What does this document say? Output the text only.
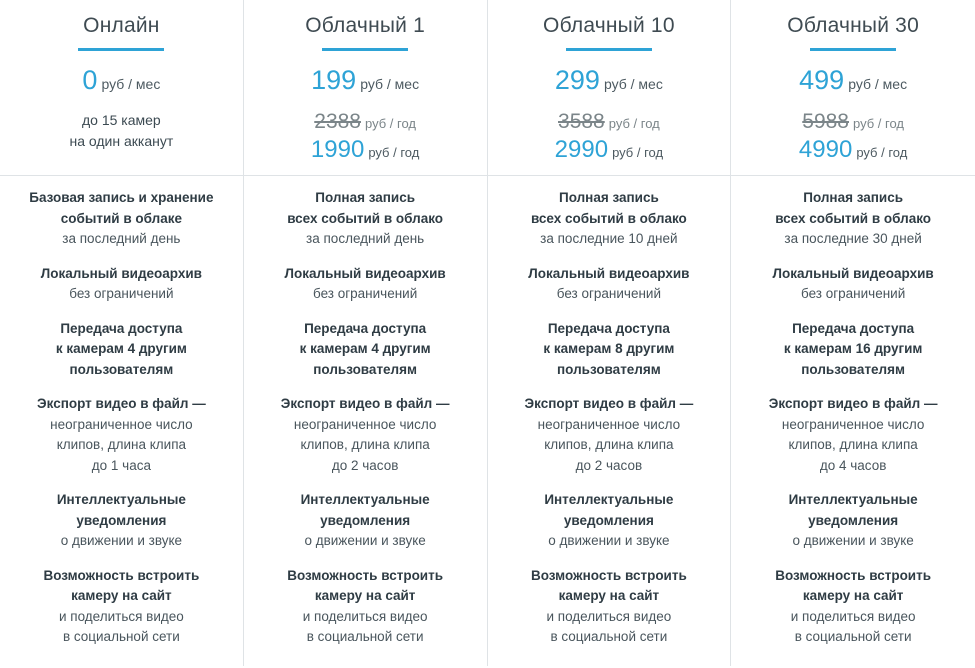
Онлайн
0 руб / мес
до 15 камер
на один акканут
Базовая запись и хранение
событий в облаке
за последний день
Локальный видеоархив
без ограничений
Передача доступа
к камерам 4 другим
пользователям
Экспорт видео в файл —
неограниченное число
клипов, длина клипа
до 1 часа
Интеллектуальные
уведомления
о движении и звуке
Возможность встроить
камеру на сайт
и поделиться видео
в социальной сети
Облачный 1
199 руб / мес
2388 руб / год
1990 руб / год
Полная запись
всех событий в облако
за последний день
Локальный видеоархив
без ограничений
Передача доступа
к камерам 4 другим
пользователям
Экспорт видео в файл —
неограниченное число
клипов, длина клипа
до 2 часов
Интеллектуальные
уведомления
о движении и звуке
Возможность встроить
камеру на сайт
и поделиться видео
в социальной сети
Облачный 10
299 руб / мес
3588 руб / год
2990 руб / год
Полная запись
всех событий в облако
за последние 10 дней
Локальный видеоархив
без ограничений
Передача доступа
к камерам 8 другим
пользователям
Экспорт видео в файл —
неограниченное число
клипов, длина клипа
до 2 часов
Интеллектуальные
уведомления
о движении и звуке
Возможность встроить
камеру на сайт
и поделиться видео
в социальной сети
Облачный 30
499 руб / мес
5988 руб / год
4990 руб / год
Полная запись
всех событий в облако
за последние 30 дней
Локальный видеоархив
без ограничений
Передача доступа
к камерам 16 другим
пользователям
Экспорт видео в файл —
неограниченное число
клипов, длина клипа
до 4 часов
Интеллектуальные
уведомления
о движении и звуке
Возможность встроить
камеру на сайт
и поделиться видео
в социальной сети
